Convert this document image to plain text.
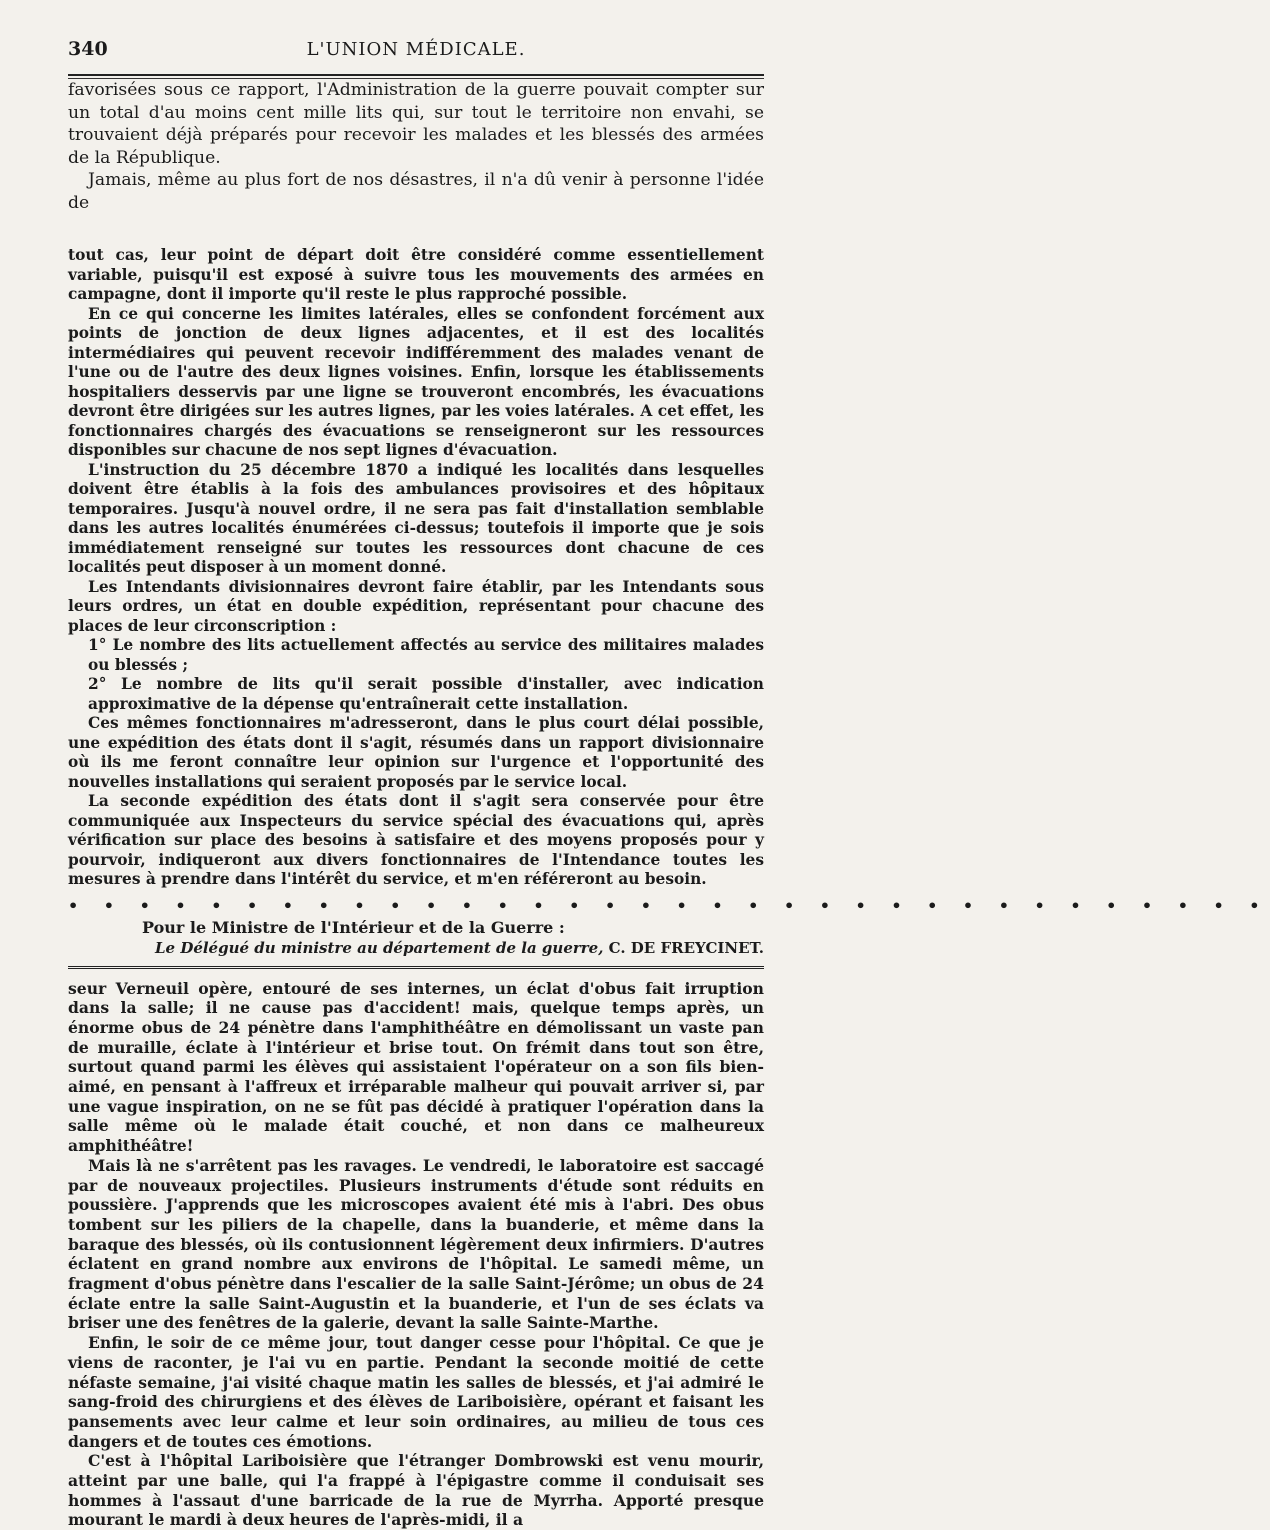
340	L'UNION MÉDICALE.

favorisées sous ce rapport, l'Administration de la guerre pouvait compter sur un total d'au moins cent mille lits qui, sur tout le territoire non envahi, se trouvaient déjà préparés pour recevoir les malades et les blessés des armées de la République.

Jamais, même au plus fort de nos désastres, il n'a dû venir à personne l'idée de

tout cas, leur point de départ doit être considéré comme essentiellement variable, puisqu'il est exposé à suivre tous les mouvements des armées en campagne, dont il importe qu'il reste le plus rapproché possible.

En ce qui concerne les limites latérales, elles se confondent forcément aux points de jonction de deux lignes adjacentes, et il est des localités intermédiaires qui peuvent recevoir indifféremment des malades venant de l'une ou de l'autre des deux lignes voisines. Enfin, lorsque les établissements hospitaliers desservis par une ligne se trouveront encombrés, les évacuations devront être dirigées sur les autres lignes, par les voies latérales. A cet effet, les fonctionnaires chargés des évacuations se renseigneront sur les ressources disponibles sur chacune de nos sept lignes d'évacuation.

L'instruction du 25 décembre 1870 a indiqué les localités dans lesquelles doivent être établis à la fois des ambulances provisoires et des hôpitaux temporaires. Jusqu'à nouvel ordre, il ne sera pas fait d'installation semblable dans les autres localités énumérées ci-dessus; toutefois il importe que je sois immédiatement renseigné sur toutes les ressources dont chacune de ces localités peut disposer à un moment donné.

Les Intendants divisionnaires devront faire établir, par les Intendants sous leurs ordres, un état en double expédition, représentant pour chacune des places de leur circonscription :

1° Le nombre des lits actuellement affectés au service des militaires malades ou blessés ;

2° Le nombre de lits qu'il serait possible d'installer, avec indication approximative de la dépense qu'entraînerait cette installation.

Ces mêmes fonctionnaires m'adresseront, dans le plus court délai possible, une expédition des états dont il s'agit, résumés dans un rapport divisionnaire où ils me feront connaître leur opinion sur l'urgence et l'opportunité des nouvelles installations qui seraient proposés par le service local.

La seconde expédition des états dont il s'agit sera conservée pour être communiquée aux Inspecteurs du service spécial des évacuations qui, après vérification sur place des besoins à satisfaire et des moyens proposés pour y pourvoir, indiqueront aux divers fonctionnaires de l'Intendance toutes les mesures à prendre dans l'intérêt du service, et m'en référeront au besoin.

• • • • • • • • • • • • • • • • • • • • • • • • • • • • • • • • • •
Pour le Ministre de l'Intérieur et de la Guerre :
Le Délégué du ministre au département de la guerre, C. DE FREYCINET.

seur Verneuil opère, entouré de ses internes, un éclat d'obus fait irruption dans la salle; il ne cause pas d'accident! mais, quelque temps après, un énorme obus de 24 pénètre dans l'amphithéâtre en démolissant un vaste pan de muraille, éclate à l'intérieur et brise tout. On frémit dans tout son être, surtout quand parmi les élèves qui assistaient l'opérateur on a son fils bien-aimé, en pensant à l'affreux et irréparable malheur qui pouvait arriver si, par une vague inspiration, on ne se fût pas décidé à pratiquer l'opération dans la salle même où le malade était couché, et non dans ce malheureux amphithéâtre!

Mais là ne s'arrêtent pas les ravages. Le vendredi, le laboratoire est saccagé par de nouveaux projectiles. Plusieurs instruments d'étude sont réduits en poussière. J'apprends que les microscopes avaient été mis à l'abri. Des obus tombent sur les piliers de la chapelle, dans la buanderie, et même dans la baraque des blessés, où ils contusionnent légèrement deux infirmiers. D'autres éclatent en grand nombre aux environs de l'hôpital. Le samedi même, un fragment d'obus pénètre dans l'escalier de la salle Saint-Jérôme; un obus de 24 éclate entre la salle Saint-Augustin et la buanderie, et l'un de ses éclats va briser une des fenêtres de la galerie, devant la salle Sainte-Marthe.

Enfin, le soir de ce même jour, tout danger cesse pour l'hôpital. Ce que je viens de raconter, je l'ai vu en partie. Pendant la seconde moitié de cette néfaste semaine, j'ai visité chaque matin les salles de blessés, et j'ai admiré le sang-froid des chirurgiens et des élèves de Lariboisière, opérant et faisant les pansements avec leur calme et leur soin ordinaires, au milieu de tous ces dangers et de toutes ces émotions.

C'est à l'hôpital Lariboisière que l'étranger Dombrowski est venu mourir, atteint par une balle, qui l'a frappé à l'épigastre comme il conduisait ses hommes à l'assaut d'une barricade de la rue de Myrrha. Apporté presque mourant le mardi à deux heures de l'après-midi, il a
